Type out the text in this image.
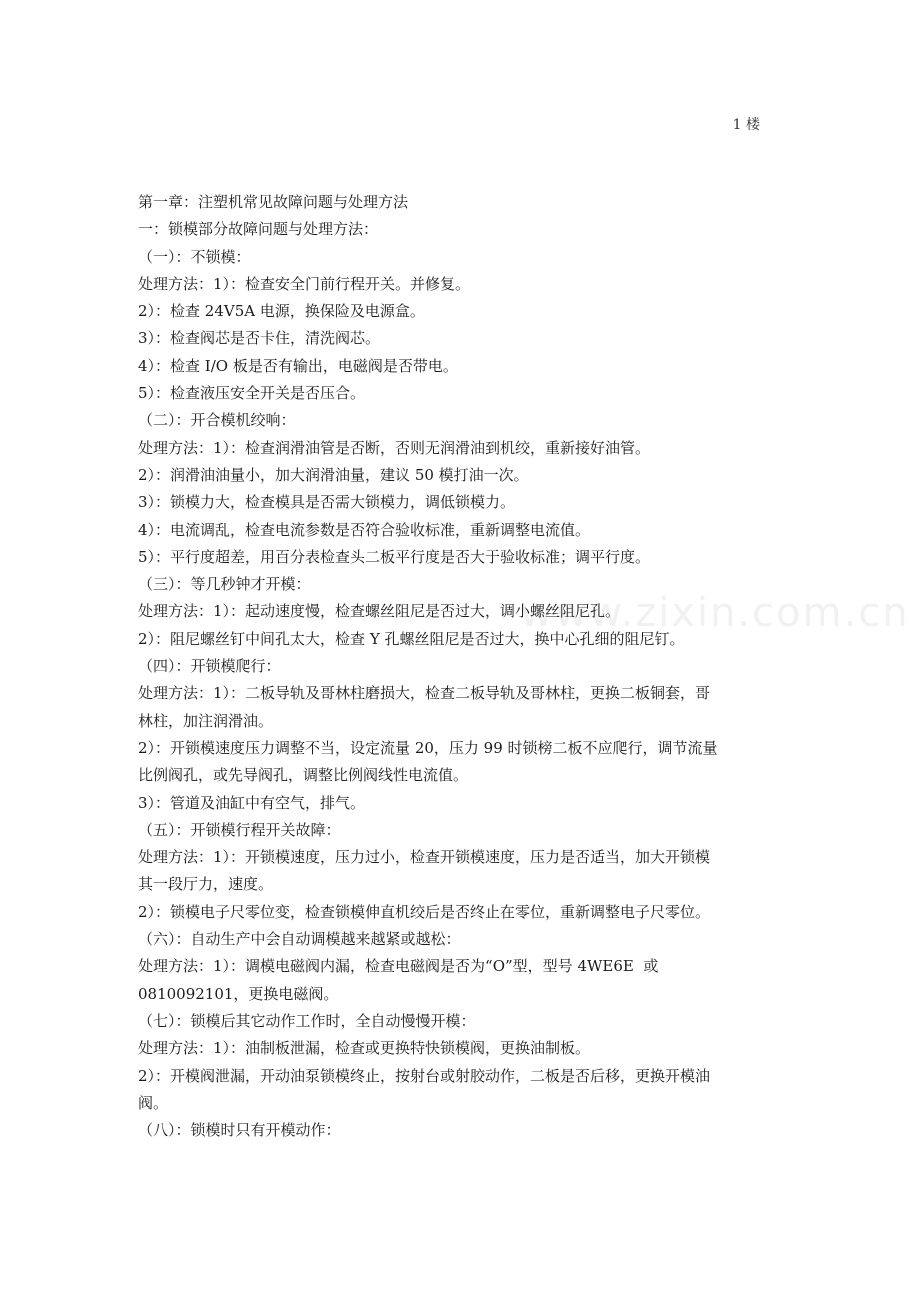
1 楼
www.zixin.com.cn

第一章：注塑机常见故障问题与处理方法

一：锁模部分故障问题与处理方法：

（一）：不锁模：

处理方法：1）：检查安全门前行程开关。并修复。

2）：检查 24V5A 电源，换保险及电源盒。

3）：检查阀芯是否卡住，清洗阀芯。

4）：检查 I/O 板是否有输出，电磁阀是否带电。

5）：检查液压安全开关是否压合。

（二）：开合模机绞响：

处理方法：1）：检查润滑油管是否断，否则无润滑油到机绞，重新接好油管。

2）：润滑油油量小，加大润滑油量，建议 50 模打油一次。

3）：锁模力大，检查模具是否需大锁模力，调低锁模力。

4）：电流调乱，检查电流参数是否符合验收标准，重新调整电流值。

5）：平行度超差，用百分表检查头二板平行度是否大于验收标准；调平行度。

（三）：等几秒钟才开模：

处理方法：1）：起动速度慢，检查螺丝阻尼是否过大，调小螺丝阻尼孔。

2）：阻尼螺丝钉中间孔太大，检查 Y 孔螺丝阻尼是否过大，换中心孔细的阻尼钉。

（四）：开锁模爬行：

处理方法：1）：二板导轨及哥林柱磨损大，检查二板导轨及哥林柱，更换二板铜套，哥

林柱，加注润滑油。

2）：开锁模速度压力调整不当，设定流量 20，压力 99 时锁榜二板不应爬行，调节流量

比例阀孔，或先导阀孔，调整比例阀线性电流值。

3）：管道及油缸中有空气，排气。

（五）：开锁模行程开关故障：

处理方法：1）：开锁模速度，压力过小，检查开锁模速度，压力是否适当，加大开锁模

其一段厅力，速度。

2）：锁模电子尺零位变，检查锁模伸直机绞后是否终止在零位，重新调整电子尺零位。

（六）：自动生产中会自动调模越来越紧或越松：

处理方法：1）：调模电磁阀内漏，检查电磁阀是否为“O”型，型号 4WE6E  或

0810092101，更换电磁阀。

（七）：锁模后其它动作工作时，全自动慢慢开模：

处理方法：1）：油制板泄漏，检查或更换特快锁模阀，更换油制板。

2）：开模阀泄漏，开动油泵锁模终止，按射台或射胶动作，二板是否后移，更换开模油

阀。

（八）：锁模时只有开模动作：
